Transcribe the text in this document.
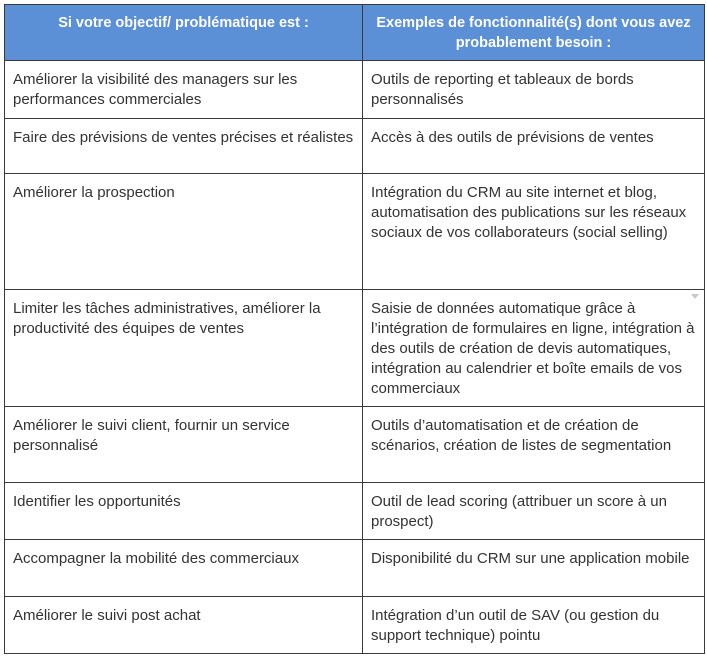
Si votre objectif/ problématique est :	Exemples de fonctionnalité(s) dont vous avez probablement besoin :
Améliorer la visibilité des managers sur les performances commerciales	Outils de reporting et tableaux de bords personnalisés
Faire des prévisions de ventes précises et réalistes	Accès à des outils de prévisions de ventes
Améliorer la prospection	Intégration du CRM au site internet et blog, automatisation des publications sur les réseaux sociaux de vos collaborateurs (social selling)
Limiter les tâches administratives, améliorer la productivité des équipes de ventes	Saisie de données automatique grâce à l’intégration de formulaires en ligne, intégration à des outils de création de devis automatiques, intégration au calendrier et boîte emails de vos commerciaux

Améliorer le suivi client, fournir un service personnalisé	Outils d’automatisation et de création de scénarios, création de listes de segmentation
Identifier les opportunités	Outil de lead scoring (attribuer un score à un prospect)
Accompagner la mobilité des commerciaux	Disponibilité du CRM sur une application mobile
Améliorer le suivi post achat	Intégration d’un outil de SAV (ou gestion du support technique) pointu
